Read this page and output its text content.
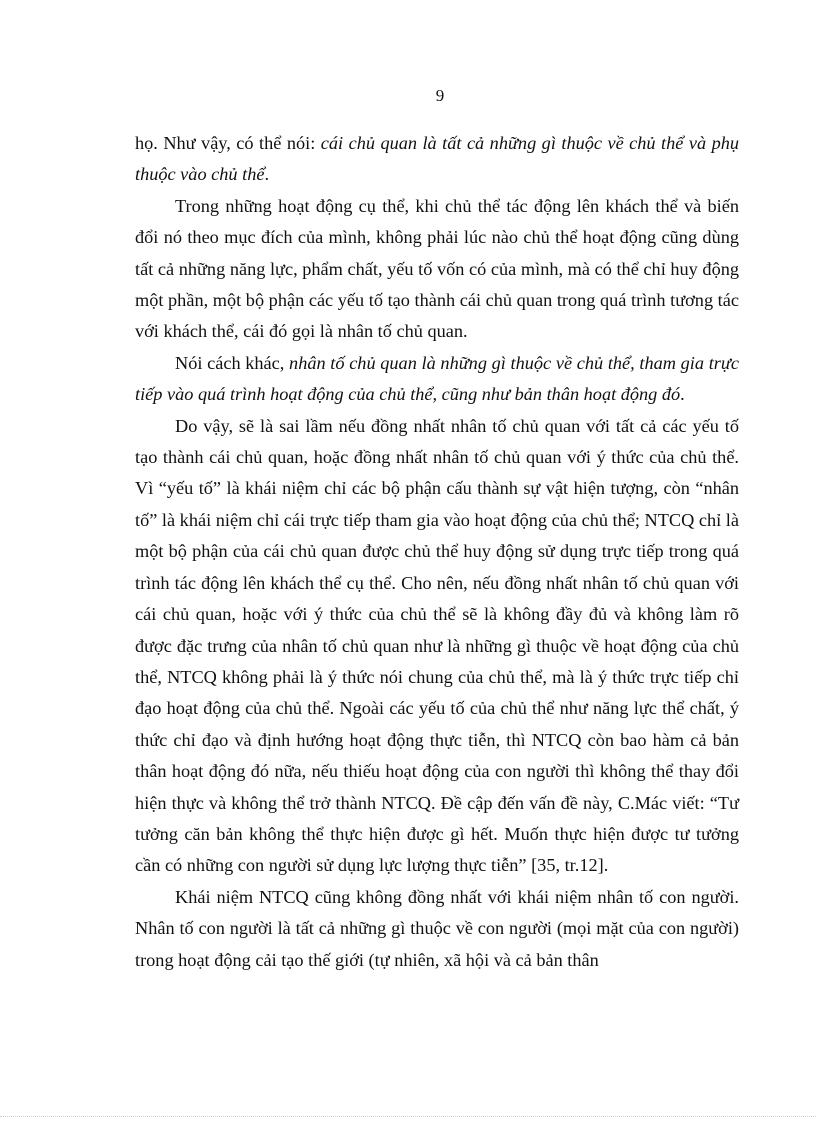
9

họ. Như vậy, có thể nói: cái chủ quan là tất cả những gì thuộc về chủ thể và phụ thuộc vào chủ thể.

Trong những hoạt động cụ thể, khi chủ thể tác động lên khách thể và biến đổi nó theo mục đích của mình, không phải lúc nào chủ thể hoạt động cũng dùng tất cả những năng lực, phẩm chất, yếu tố vốn có của mình, mà có thể chỉ huy động một phần, một bộ phận các yếu tố tạo thành cái chủ quan trong quá trình tương tác với khách thể, cái đó gọi là nhân tố chủ quan.

Nói cách khác, nhân tố chủ quan là những gì thuộc về chủ thể, tham gia trực tiếp vào quá trình hoạt động của chủ thể, cũng như bản thân hoạt động đó.

Do vậy, sẽ là sai lầm nếu đồng nhất nhân tố chủ quan với tất cả các yếu tố tạo thành cái chủ quan, hoặc đồng nhất nhân tố chủ quan với ý thức của chủ thể. Vì “yếu tố” là khái niệm chỉ các bộ phận cấu thành sự vật hiện tượng, còn “nhân tố” là khái niệm chỉ cái trực tiếp tham gia vào hoạt động của chủ thể; NTCQ chỉ là một bộ phận của cái chủ quan được chủ thể huy động sử dụng trực tiếp trong quá trình tác động lên khách thể cụ thể. Cho nên, nếu đồng nhất nhân tố chủ quan với cái chủ quan, hoặc với ý thức của chủ thể sẽ là không đầy đủ và không làm rõ được đặc trưng của nhân tố chủ quan như là những gì thuộc về hoạt động của chủ thể, NTCQ không phải là ý thức nói chung của chủ thể, mà là ý thức trực tiếp chỉ đạo hoạt động của chủ thể. Ngoài các yếu tố của chủ thể như năng lực thể chất, ý thức chỉ đạo và định hướng hoạt động thực tiễn, thì NTCQ còn bao hàm cả bản thân hoạt động đó nữa, nếu thiếu hoạt động của con người thì không thể thay đổi hiện thực và không thể trở thành NTCQ. Đề cập đến vấn đề này, C.Mác viết: “Tư tưởng căn bản không thể thực hiện được gì hết. Muốn thực hiện được tư tưởng cần có những con người sử dụng lực lượng thực tiễn” [35, tr.12].

Khái niệm NTCQ cũng không đồng nhất với khái niệm nhân tố con người. Nhân tố con người là tất cả những gì thuộc về con người (mọi mặt của con người) trong hoạt động cải tạo thế giới (tự nhiên, xã hội và cả bản thân
